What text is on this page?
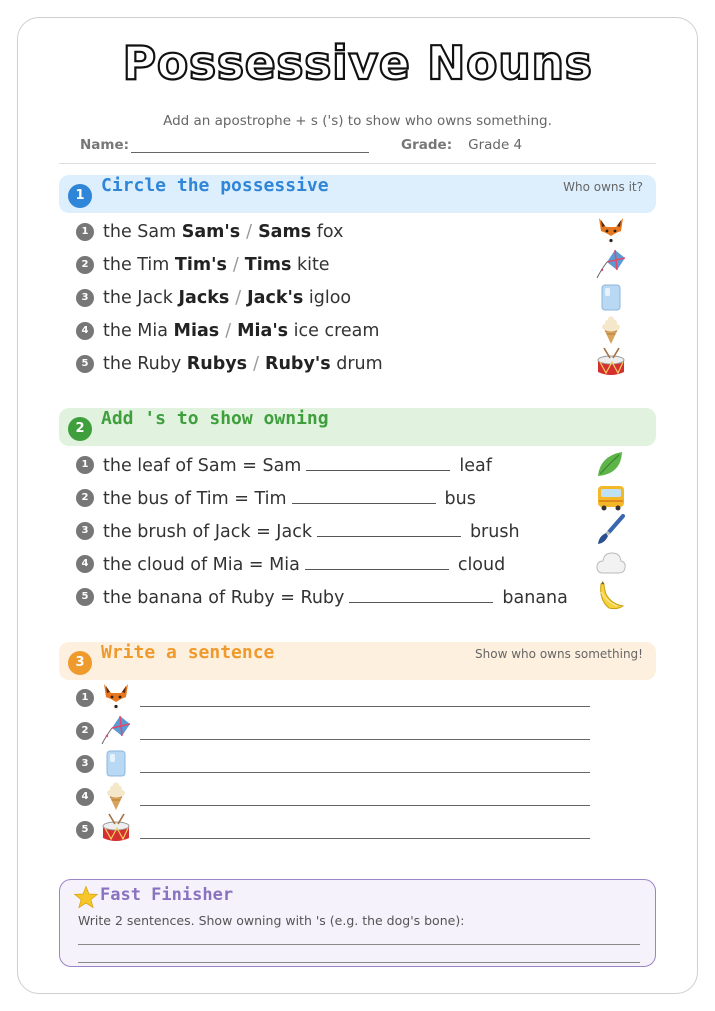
Possessive Nouns
Add an apostrophe + s ('s) to show who owns something.
Name:	Grade: Grade 4
1 Circle the possessive	Who owns it?
1 the Sam Sam's / Sams fox
2 the Tim Tim's / Tims kite
3 the Jack Jacks / Jack's igloo
4 the Mia Mias / Mia's ice cream
5 the Ruby Rubys / Ruby's drum
2 Add 's to show owning
1 the leaf of Sam = Sam	leaf
2 the bus of Tim = Tim	bus
3 the brush of Jack = Jack	brush
4 the cloud of Mia = Mia	cloud
5 the banana of Ruby = Ruby	banana
3 Write a sentence	Show who owns something!
1
2
3
4
5
Fast Finisher
Write 2 sentences. Show owning with 's (e.g. the dog's bone):
